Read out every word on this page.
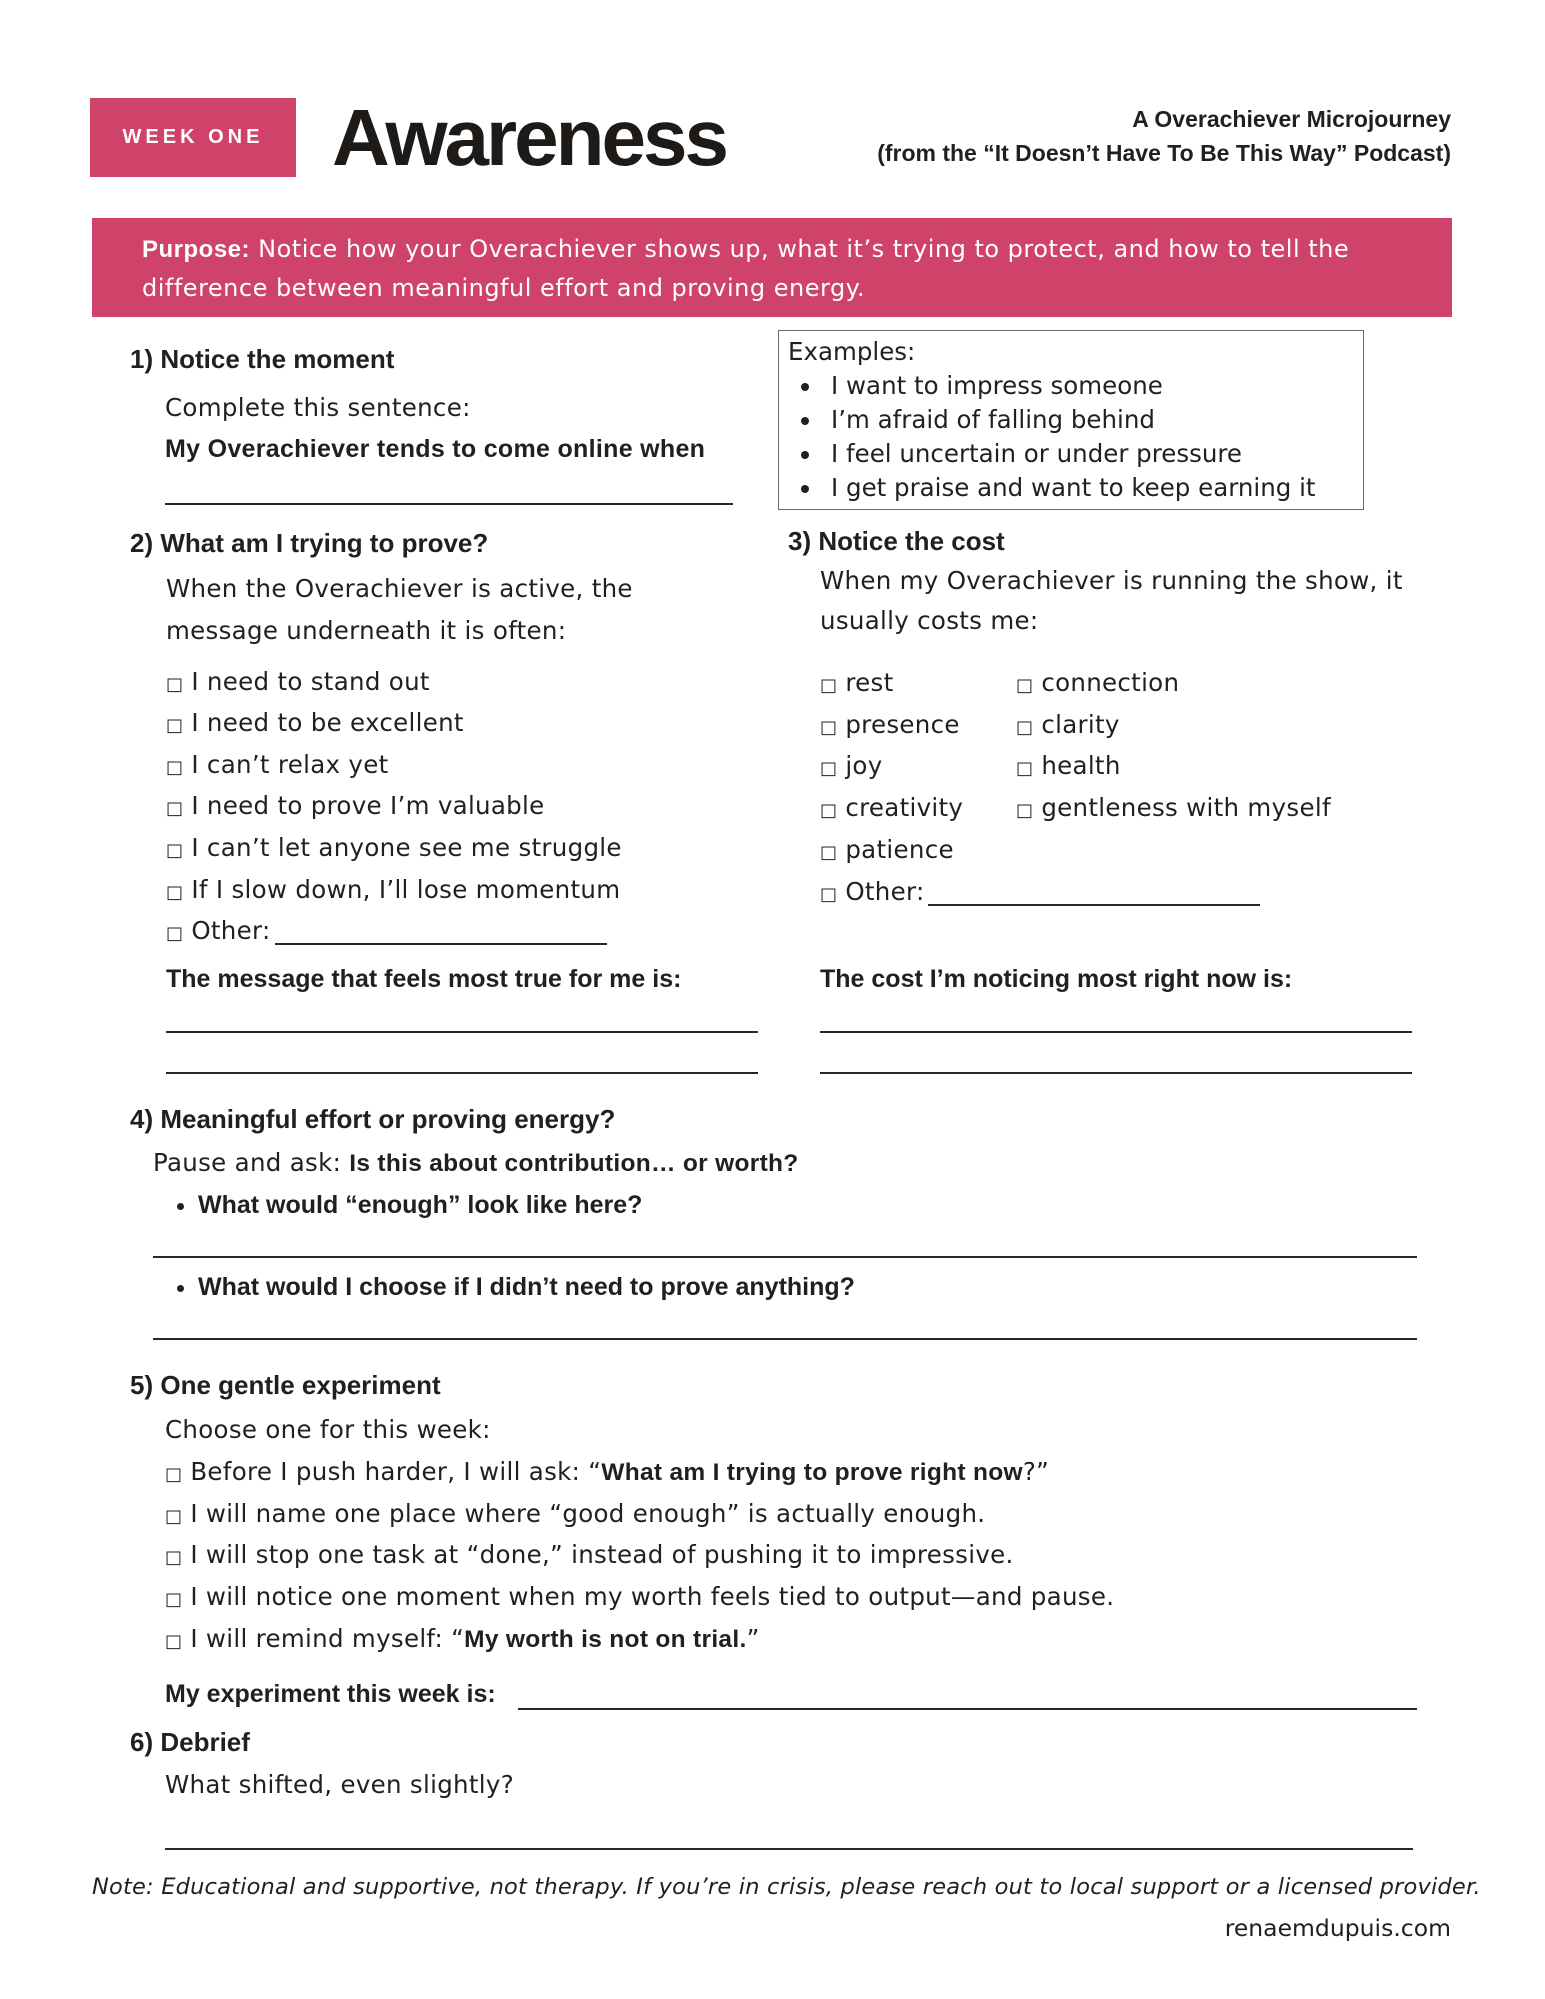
WEEK ONE Awareness	A Overachiever Microjourney
(from the “It Doesn’t Have To Be This Way” Podcast)
Purpose: Notice how your Overachiever shows up, what it’s trying to protect, and how to tell the difference between meaningful effort and proving energy.
1) Notice the moment
Complete this sentence:
My Overachiever tends to come online when
Examples:
• I want to impress someone
• I’m afraid of falling behind
• I feel uncertain or under pressure
• I get praise and want to keep earning it
2) What am I trying to prove?
When the Overachiever is active, the
message underneath it is often:
□ I need to stand out
□ I need to be excellent
□ I can’t relax yet
□ I need to prove I’m valuable
□ I can’t let anyone see me struggle
□ If I slow down, I’ll lose momentum
□ Other:
The message that feels most true for me is:
3) Notice the cost
When my Overachiever is running the show, it
usually costs me:
□ rest
□ presence
□ joy
□ creativity
□ patience
□ Other:
□ connection
□ clarity
□ health
□ gentleness with myself
The cost I’m noticing most right now is:
4) Meaningful effort or proving energy?
Pause and ask: Is this about contribution… or worth?
• What would “enough” look like here?
• What would I choose if I didn’t need to prove anything?
5) One gentle experiment
Choose one for this week:
□ Before I push harder, I will ask: “What am I trying to prove right now?”
□ I will name one place where “good enough” is actually enough.
□ I will stop one task at “done,” instead of pushing it to impressive.
□ I will notice one moment when my worth feels tied to output—and pause.
□ I will remind myself: “My worth is not on trial.”
My experiment this week is:
6) Debrief
What shifted, even slightly?
Note: Educational and supportive, not therapy. If you’re in crisis, please reach out to local support or a licensed provider.
renaemdupuis.com
